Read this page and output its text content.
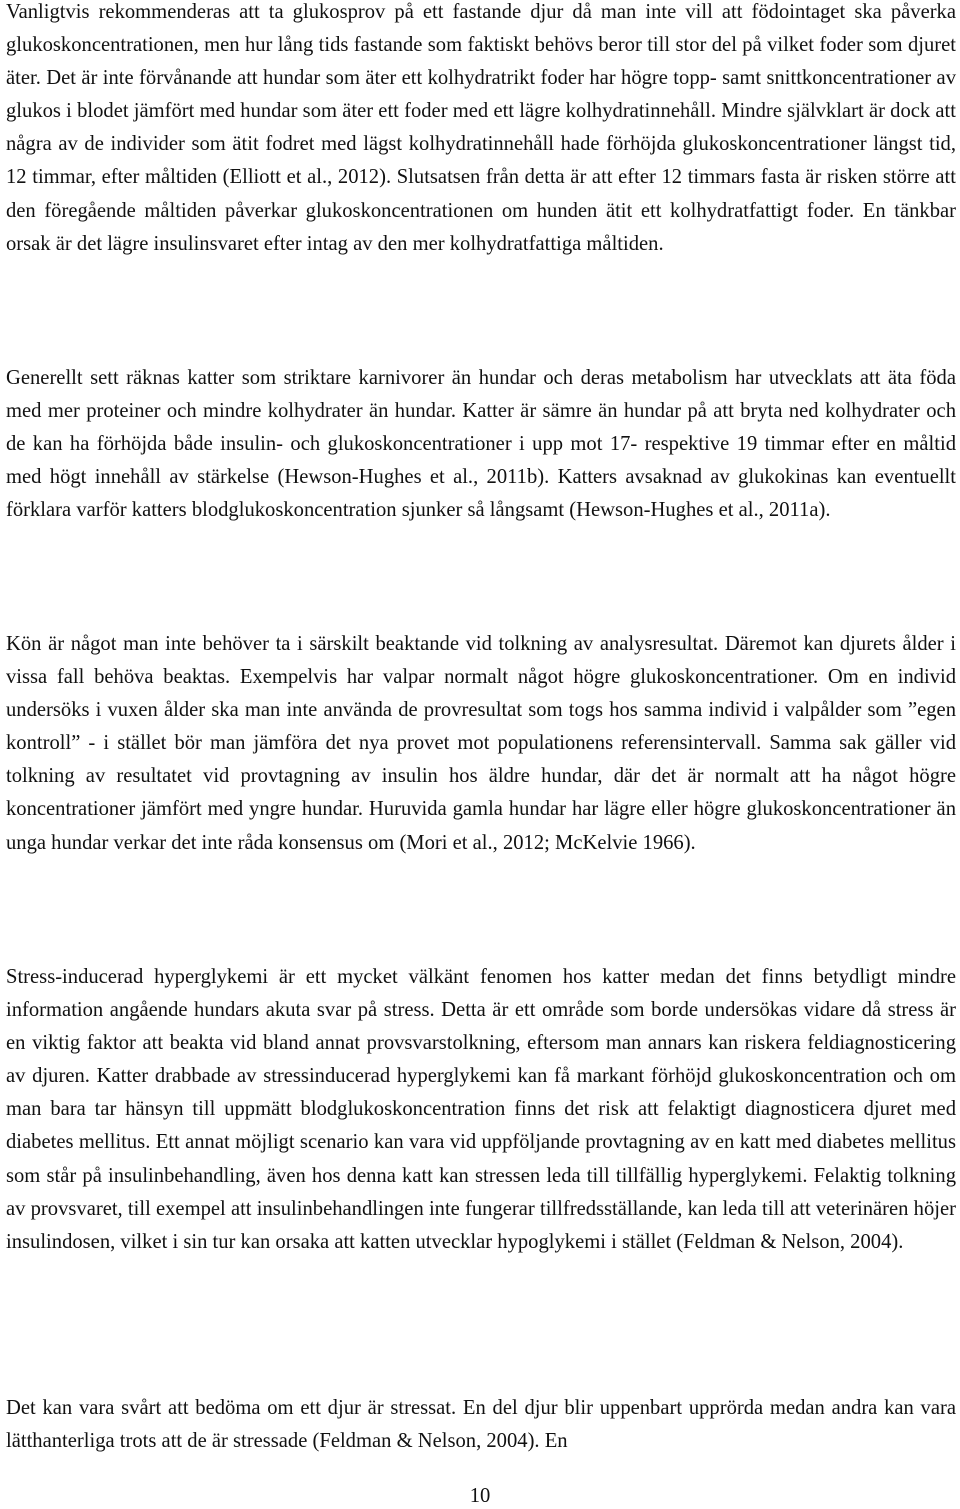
Vanligtvis rekommenderas att ta glukosprov på ett fastande djur då man inte vill att födointaget ska påverka glukoskoncentrationen, men hur lång tids fastande som faktiskt behövs beror till stor del på vilket foder som djuret äter. Det är inte förvånande att hundar som äter ett kolhydratrikt foder har högre topp- samt snittkoncentrationer av glukos i blodet jämfört med hundar som äter ett foder med ett lägre kolhydratinnehåll. Mindre självklart är dock att några av de individer som ätit fodret med lägst kolhydratinnehåll hade förhöjda glukoskoncentrationer längst tid, 12 timmar, efter måltiden (Elliott et al., 2012). Slutsatsen från detta är att efter 12 timmars fasta är risken större att den föregående måltiden påverkar glukoskoncentrationen om hunden ätit ett kolhydratfattigt foder. En tänkbar orsak är det lägre insulinsvaret efter intag av den mer kolhydratfattiga måltiden.

Generellt sett räknas katter som striktare karnivorer än hundar och deras metabolism har utvecklats att äta föda med mer proteiner och mindre kolhydrater än hundar. Katter är sämre än hundar på att bryta ned kolhydrater och de kan ha förhöjda både insulin- och glukoskoncentrationer i upp mot 17- respektive 19 timmar efter en måltid med högt innehåll av stärkelse (Hewson-Hughes et al., 2011b). Katters avsaknad av glukokinas kan eventuellt förklara varför katters blodglukoskoncentration sjunker så långsamt (Hewson-Hughes et al., 2011a).

Kön är något man inte behöver ta i särskilt beaktande vid tolkning av analysresultat. Däremot kan djurets ålder i vissa fall behöva beaktas. Exempelvis har valpar normalt något högre glukoskoncentrationer. Om en individ undersöks i vuxen ålder ska man inte använda de provresultat som togs hos samma individ i valpålder som ”egen kontroll” - i stället bör man jämföra det nya provet mot populationens referensintervall. Samma sak gäller vid tolkning av resultatet vid provtagning av insulin hos äldre hundar, där det är normalt att ha något högre koncentrationer jämfört med yngre hundar. Huruvida gamla hundar har lägre eller högre glukoskoncentrationer än unga hundar verkar det inte råda konsensus om (Mori et al., 2012; McKelvie 1966).

Stress-inducerad hyperglykemi är ett mycket välkänt fenomen hos katter medan det finns betydligt mindre information angående hundars akuta svar på stress. Detta är ett område som borde undersökas vidare då stress är en viktig faktor att beakta vid bland annat provsvarstolkning, eftersom man annars kan riskera feldiagnosticering av djuren. Katter drabbade av stressinducerad hyperglykemi kan få markant förhöjd glukoskoncentration och om man bara tar hänsyn till uppmätt blodglukoskoncentration finns det risk att felaktigt diagnosticera djuret med diabetes mellitus. Ett annat möjligt scenario kan vara vid uppföljande provtagning av en katt med diabetes mellitus som står på insulinbehandling, även hos denna katt kan stressen leda till tillfällig hyperglykemi. Felaktig tolkning av provsvaret, till exempel att insulinbehandlingen inte fungerar tillfredsställande, kan leda till att veterinären höjer insulindosen, vilket i sin tur kan orsaka att katten utvecklar hypoglykemi i stället (Feldman & Nelson, 2004).

Det kan vara svårt att bedöma om ett djur är stressat. En del djur blir uppenbart upprörda medan andra kan vara lätthanterliga trots att de är stressade (Feldman & Nelson, 2004). En

10
